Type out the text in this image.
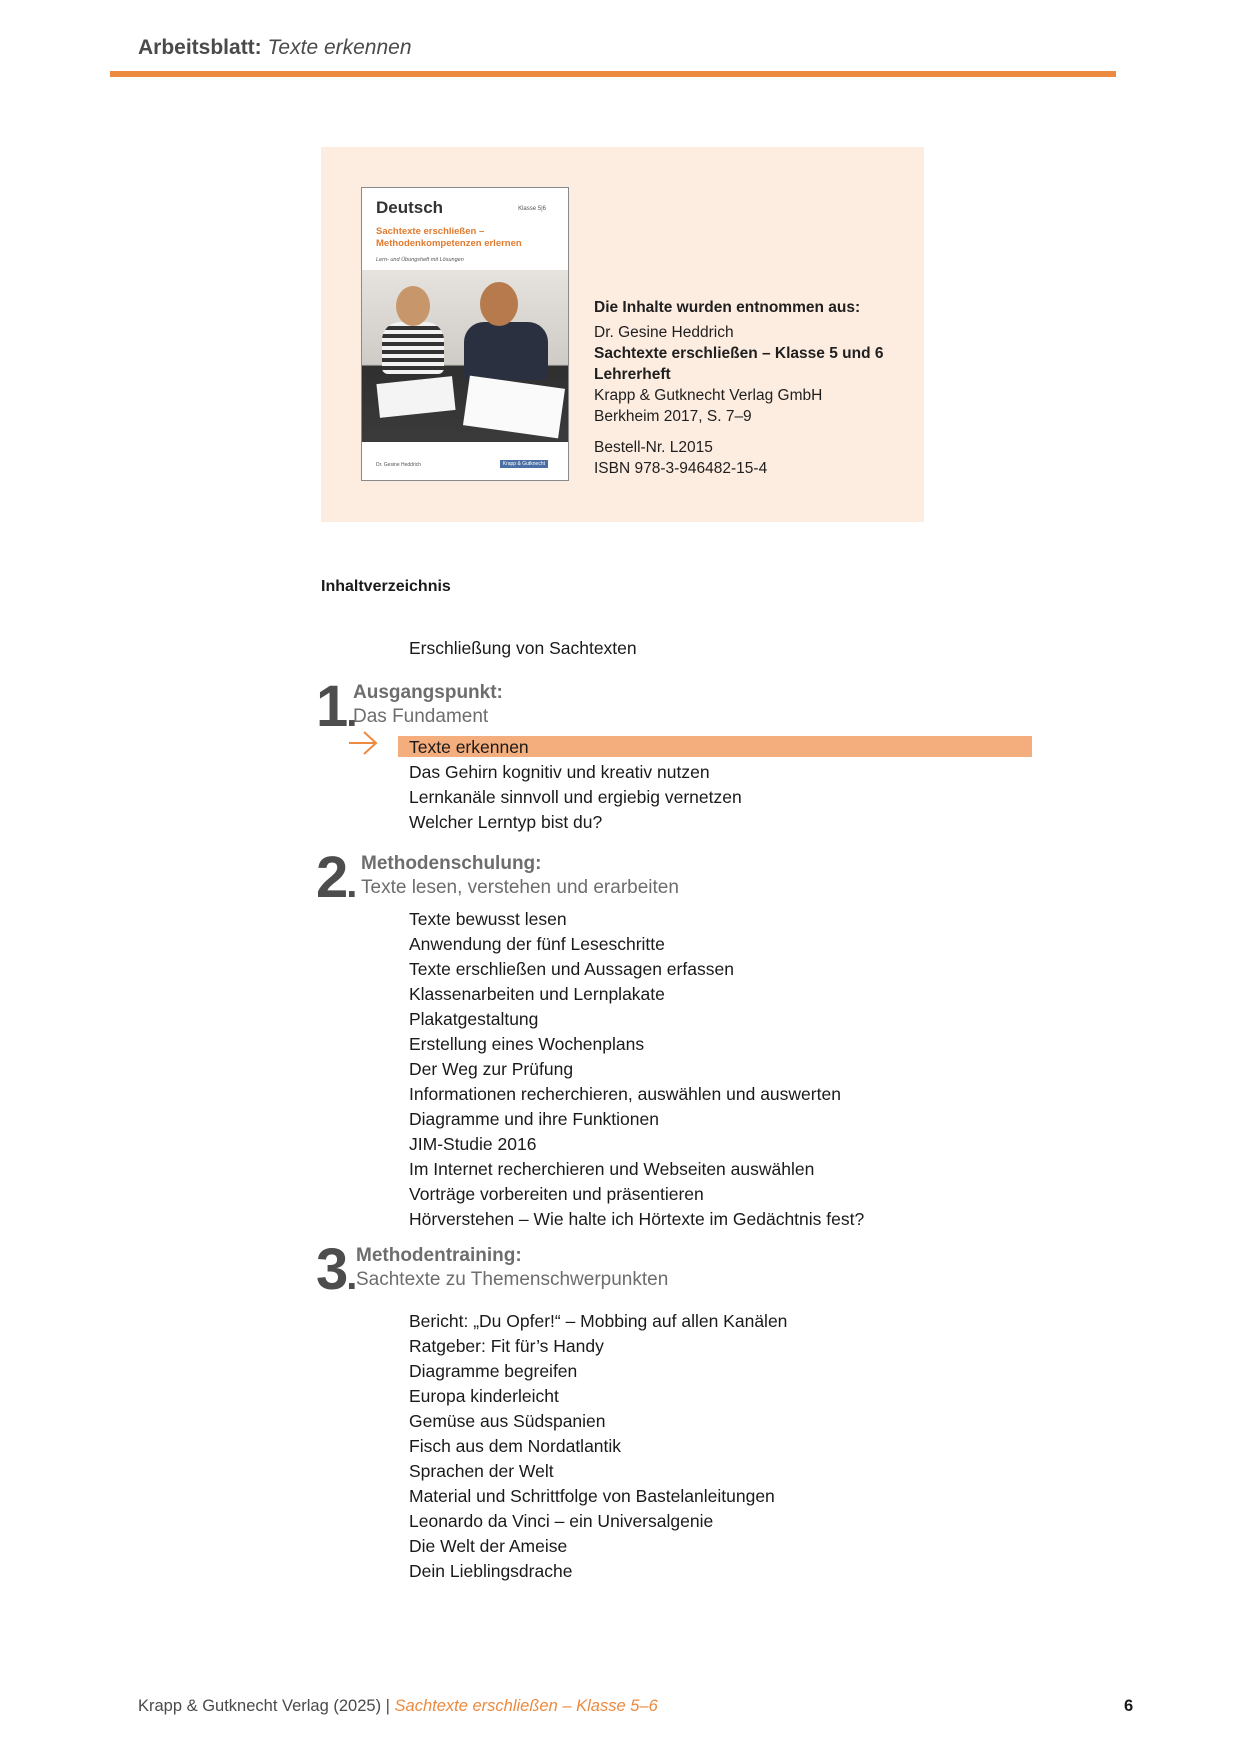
Arbeitsblatt: Texte erkennen
Deutsch	Klasse 5|6
Sachtexte erschließen – Methodenkompetenzen erlernen
Lern- und Übungsheft mit Lösungen
Dr. Gesine Heddrich	Krapp & Gutknecht
Die Inhalte wurden entnommen aus:
Dr. Gesine Heddrich
Sachtexte erschließen – Klasse 5 und 6
Lehrerheft
Krapp & Gutknecht Verlag GmbH
Berkheim 2017, S. 7–9
Bestell-Nr. L2015
ISBN 978-3-946482-15-4
Inhaltverzeichnis
Erschließung von Sachtexten
1.
Ausgangspunkt:
Das Fundament
Texte erkennen
Das Gehirn kognitiv und kreativ nutzen
Lernkanäle sinnvoll und ergiebig vernetzen
Welcher Lerntyp bist du?
2. Methodenschulung:
Texte lesen, verstehen und erarbeiten
Texte bewusst lesen
Anwendung der fünf Leseschritte
Texte erschließen und Aussagen erfassen
Klassenarbeiten und Lernplakate
Plakatgestaltung
Erstellung eines Wochenplans
Der Weg zur Prüfung
Informationen recherchieren, auswählen und auswerten
Diagramme und ihre Funktionen
JIM-Studie 2016
Im Internet recherchieren und Webseiten auswählen
Vorträge vorbereiten und präsentieren
Hörverstehen – Wie halte ich Hörtexte im Gedächtnis fest?
3. Methodentraining:
Sachtexte zu Themenschwerpunkten
Bericht: „Du Opfer!“ – Mobbing auf allen Kanälen
Ratgeber: Fit für’s Handy
Diagramme begreifen
Europa kinderleicht
Gemüse aus Südspanien
Fisch aus dem Nordatlantik
Sprachen der Welt
Material und Schrittfolge von Bastelanleitungen
Leonardo da Vinci – ein Universalgenie
Die Welt der Ameise
Dein Lieblingsdrache
Krapp & Gutknecht Verlag (2025) | Sachtexte erschließen – Klasse 5–6	6
